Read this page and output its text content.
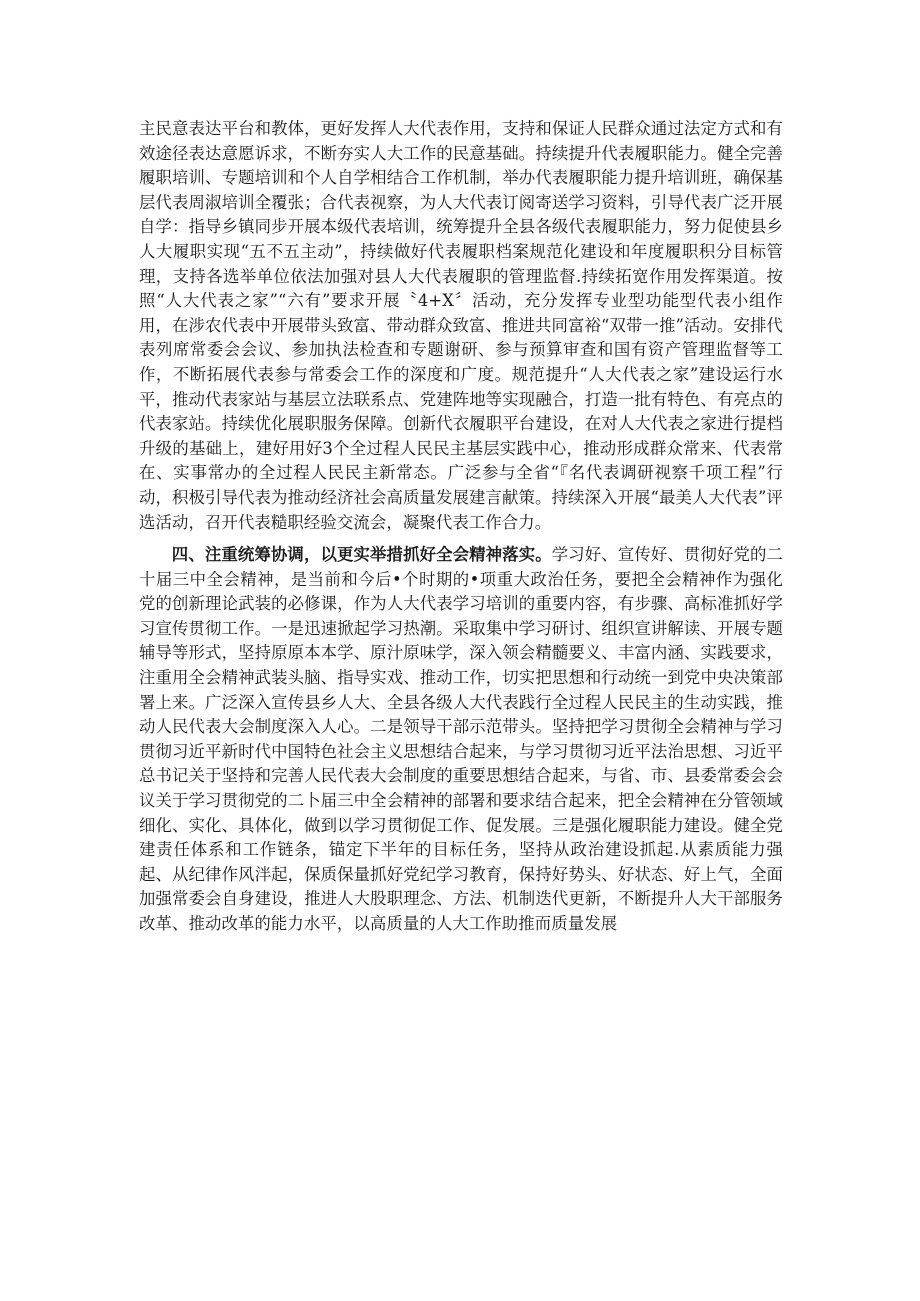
主民意表达平台和教体，更好发挥人大代表作用，支持和保证人民群众通过法定方式和有效途径表达意愿诉求，不断夯实人大工作的民意基础。持续提升代表履职能力。健全完善履职培训、专题培训和个人自学相结合工作机制，举办代表履职能力提升培训班，确保基层代表周淑培训全覆张；合代表视察，为人大代表订阅寄送学习资料，引导代表广泛开展自学：指导乡镇同步开展本级代表培训，统筹提升全县各级代表履职能力，努力促使县乡人大履职实现“五不五主动”，持续做好代表履职档案规范化建设和年度履职积分目标管理，支持各选举单位依法加强对县人大代表履职的管理监督.持续拓宽作用发挥渠道。按照“人大代表之家”“六有”要求开展〝4+X〞活动，充分发挥专业型功能型代表小组作用，在涉农代表中开展带头致富、带动群众致富、推进共同富裕“双带一推”活动。安排代表列席常委会会议、参加执法检查和专题谢研、参与预算审查和国有资产管理监督等工作，不断拓展代表参与常委会工作的深度和广度。规范提升“人大代表之家”建设运行水平，推动代表家站与基层立法联系点、党建阵地等实现融合，打造一批有特色、有亮点的代表家站。持续优化展职服务保障。创新代衣履职平台建设，在对人大代表之家进行提档升级的基础上，建好用好3个全过程人民民主基层实践中心，推动形成群众常来、代表常在、实事常办的全过程人民民主新常态。广泛参与全省“『名代表调研视察千项工程”行动，积极引导代表为推动经济社会高质量发展建言献策。持续深入开展“最美人大代表”评选活动，召开代表糙职经验交流会，凝聚代表工作合力。

四、注重统筹协调，以更实举措抓好全会精神落实。学习好、宣传好、贯彻好党的二十届三中全会精神，是当前和今后•个时期的•项重大政治任务，要把全会精神作为强化党的创新理论武装的必修课，作为人大代表学习培训的重要内容，有步骤、高标准抓好学习宣传贯彻工作。一是迅速掀起学习热潮。采取集中学习研讨、组织宣讲解读、开展专题辅导等形式，坚持原原本本学、原汁原味学，深入领会精髓要义、丰富内涵、实践要求，注重用全会精神武装头脑、指导实戏、推动工作，切实把思想和行动统一到党中央决策部署上来。广泛深入宣传县乡人大、全县各级人大代表践行全过程人民民主的生动实践，推动人民代表大会制度深入人心。二是领导干部示范带头。坚持把学习贯彻全会精神与学习贯彻习近平新时代中国特色社会主义思想结合起来，与学习贯彻习近平法治思想、习近平总书记关于坚持和完善人民代表大会制度的重要思想结合起来，与省、市、县委常委会会议关于学习贯彻党的二卜届三中全会精神的部署和要求结合起来，把全会精神在分管领域细化、实化、具体化，做到以学习贯彻促工作、促发展。三是强化履职能力建设。健全党建责任体系和工作链条，锚定下半年的目标任务，坚持从政治建设抓起.从素质能力强起、从纪律作风泮起，保质保量抓好党纪学习教育，保持好势头、好状态、好上气，全面加强常委会自身建设，推进人大股职理念、方法、机制迭代更新，不断提升人大干部服务改革、推动改革的能力水平，以高质量的人大工作助推而质量发展
